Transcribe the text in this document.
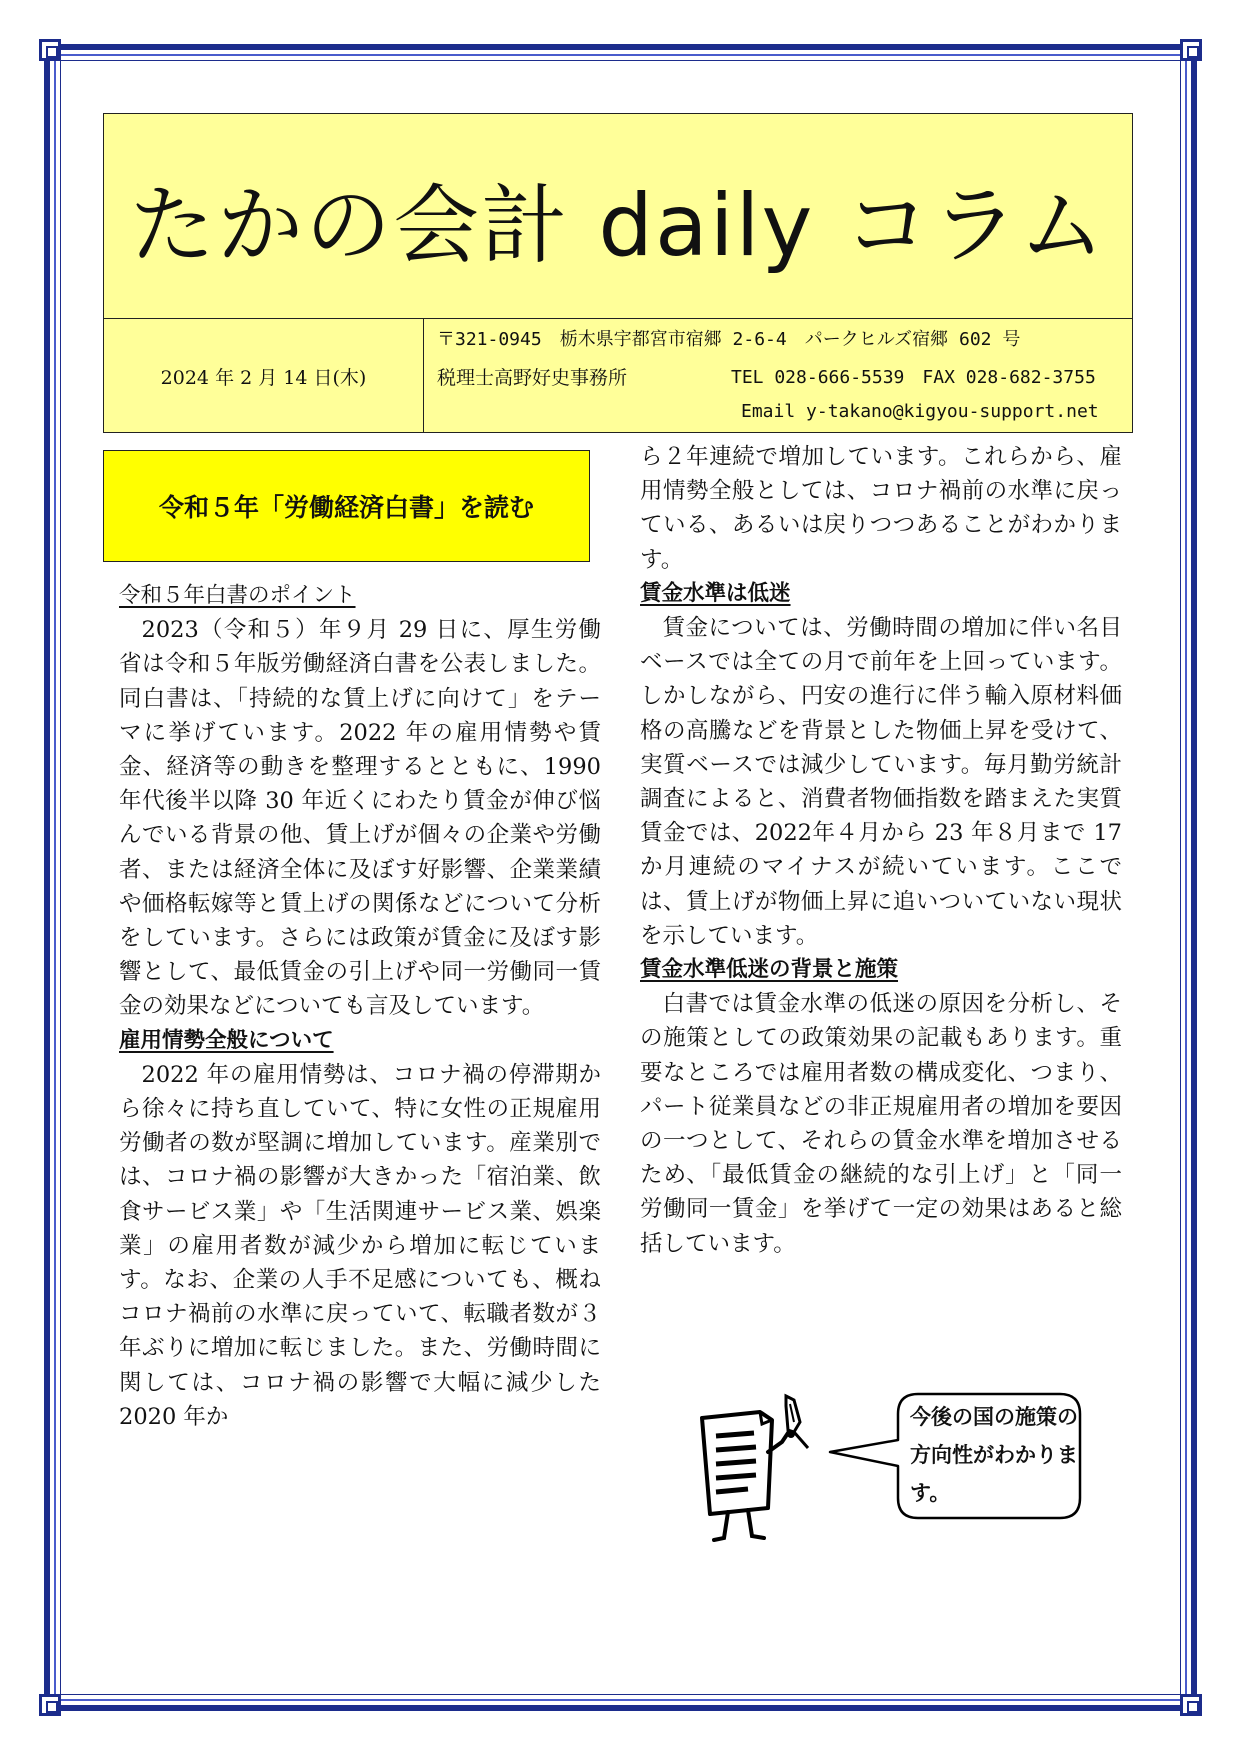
たかの会計 daily コラム
2024 年 2 月 14 日(木)
〒321-0945　栃木県宇都宮市宿郷 2-6-4　パークヒルズ宿郷 602 号
税理士高野好史事務所	TEL 028-666-5539　FAX 028-682-3755
Email y-takano@kigyou-support.net
令和５年「労働経済白書」を読む
令和５年白書のポイント

2023（令和５）年９月 29 日に、厚生労働省は令和５年版労働経済白書を公表しました。同白書は、「持続的な賃上げに向けて」をテーマに挙げています。2022 年の雇用情勢や賃金、経済等の動きを整理するとともに、1990 年代後半以降 30 年近くにわたり賃金が伸び悩んでいる背景の他、賃上げが個々の企業や労働者、または経済全体に及ぼす好影響、企業業績や価格転嫁等と賃上げの関係などについて分析をしています。さらには政策が賃金に及ぼす影響として、最低賃金の引上げや同一労働同一賃金の効果などについても言及しています。

雇用情勢全般について

2022 年の雇用情勢は、コロナ禍の停滞期から徐々に持ち直していて、特に女性の正規雇用労働者の数が堅調に増加しています。産業別では、コロナ禍の影響が大きかった「宿泊業、飲食サービス業」や「生活関連サービス業、娯楽業」の雇用者数が減少から増加に転じています。なお、企業の人手不足感についても、概ねコロナ禍前の水準に戻っていて、転職者数が３年ぶりに増加に転じました。また、労働時間に関しては、コロナ禍の影響で大幅に減少した 2020 年か

ら２年連続で増加しています。これらから、雇用情勢全般としては、コロナ禍前の水準に戻っている、あるいは戻りつつあることがわかります。

賃金水準は低迷

賃金については、労働時間の増加に伴い名目ベースでは全ての月で前年を上回っています。しかしながら、円安の進行に伴う輸入原材料価格の高騰などを背景とした物価上昇を受けて、実質ベースでは減少しています。毎月勤労統計調査によると、消費者物価指数を踏まえた実質賃金では、2022年４月から 23 年８月まで 17 か月連続のマイナスが続いています。ここでは、賃上げが物価上昇に追いついていない現状を示しています。

賃金水準低迷の背景と施策

白書では賃金水準の低迷の原因を分析し、その施策としての政策効果の記載もあります。重要なところでは雇用者数の構成変化、つまり、パート従業員などの非正規雇用者の増加を要因の一つとして、それらの賃金水準を増加させるため、「最低賃金の継続的な引上げ」と「同一労働同一賃金」を挙げて一定の効果はあると総括しています。

今後の国の施策の方向性がわかります。
